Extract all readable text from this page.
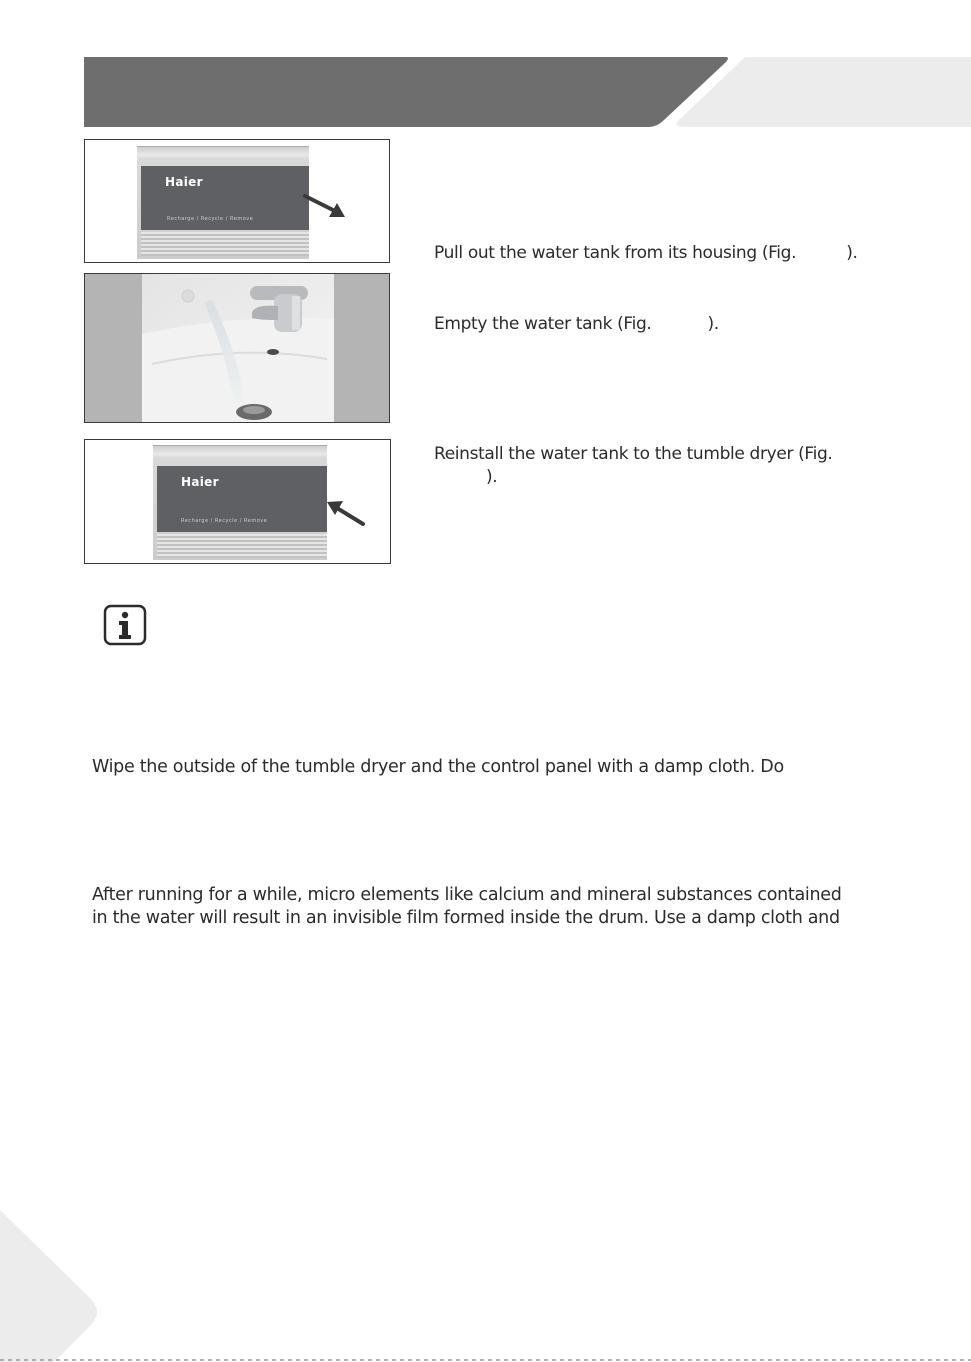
Haier
Recharge / Recycle / Remove
Haier
Recharge / Recycle / Remove
Pull out the water tank from its housing (Fig.	).
Empty the water tank (Fig.	).
Reinstall the water tank to the tumble dryer (Fig.
).
Wipe the outside of the tumble dryer and the control panel with a damp cloth. Do
After running for a while, micro elements like calcium and mineral substances contained
in the water will result in an invisible film formed inside the drum. Use a damp cloth and
